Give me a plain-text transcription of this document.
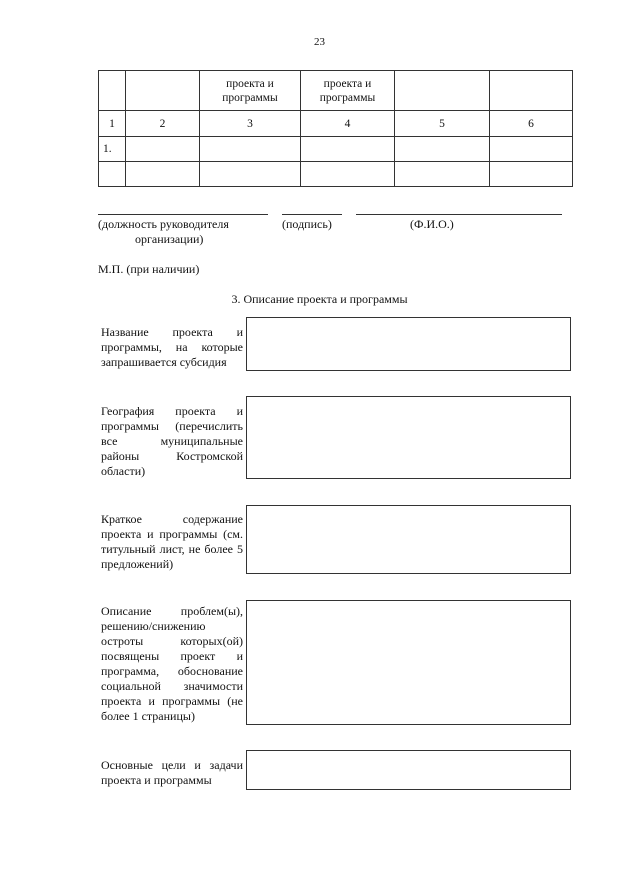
23
		проекта и программы	проекта и программы		
1	2	3	4	5	6
1.					

(должность руководителя
организации)
(подпись)	(Ф.И.О.)
М.П. (при наличии)
3. Описание проекта и программы
Название проекта и программы, на которые запрашивается субсидия
География проекта и программы (перечислить все муниципальные районы Костромской области)
Краткое содержание проекта и программы (см. титульный лист, не более 5 предложений)
Описание проблем(ы), решению/снижению остроты которых(ой) посвящены проект и программа, обоснование социальной значимости проекта и программы (не более 1 страницы)
Основные цели и задачи проекта и программы
